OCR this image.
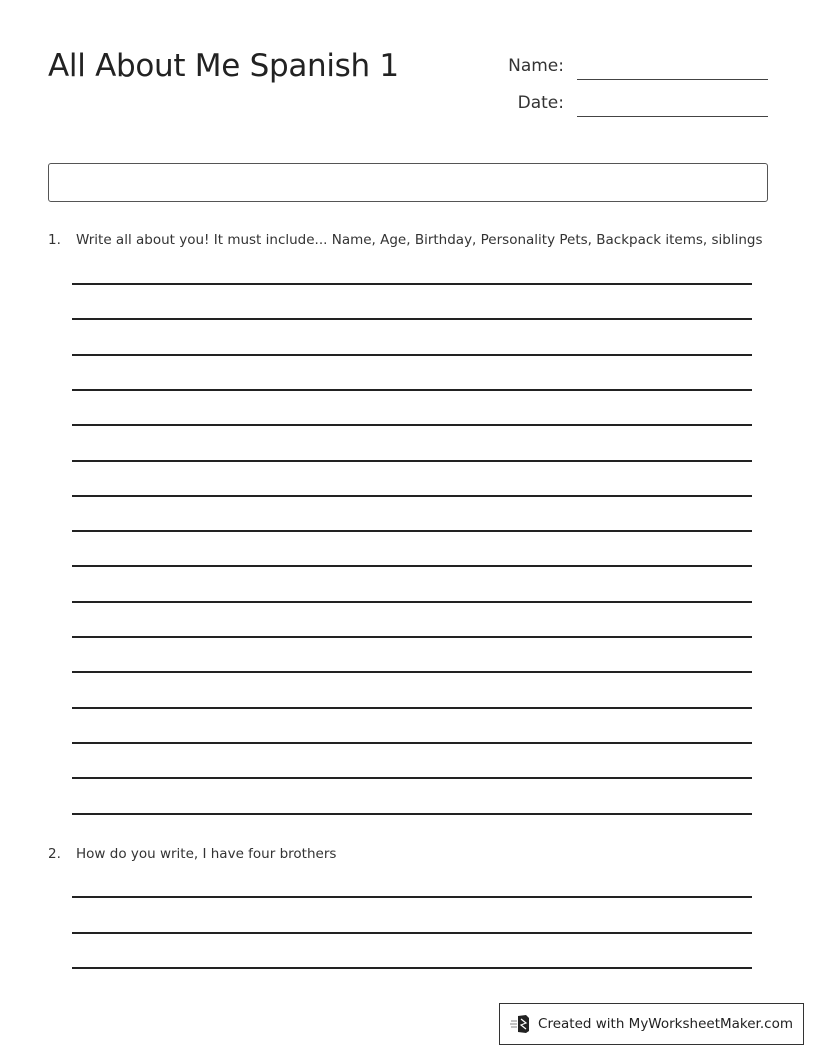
All About Me Spanish 1	Name:
Date:
1. Write all about you! It must include... Name, Age, Birthday, Personality Pets, Backpack items, siblings
2. How do you write, I have four brothers
Created with MyWorksheetMaker.com
